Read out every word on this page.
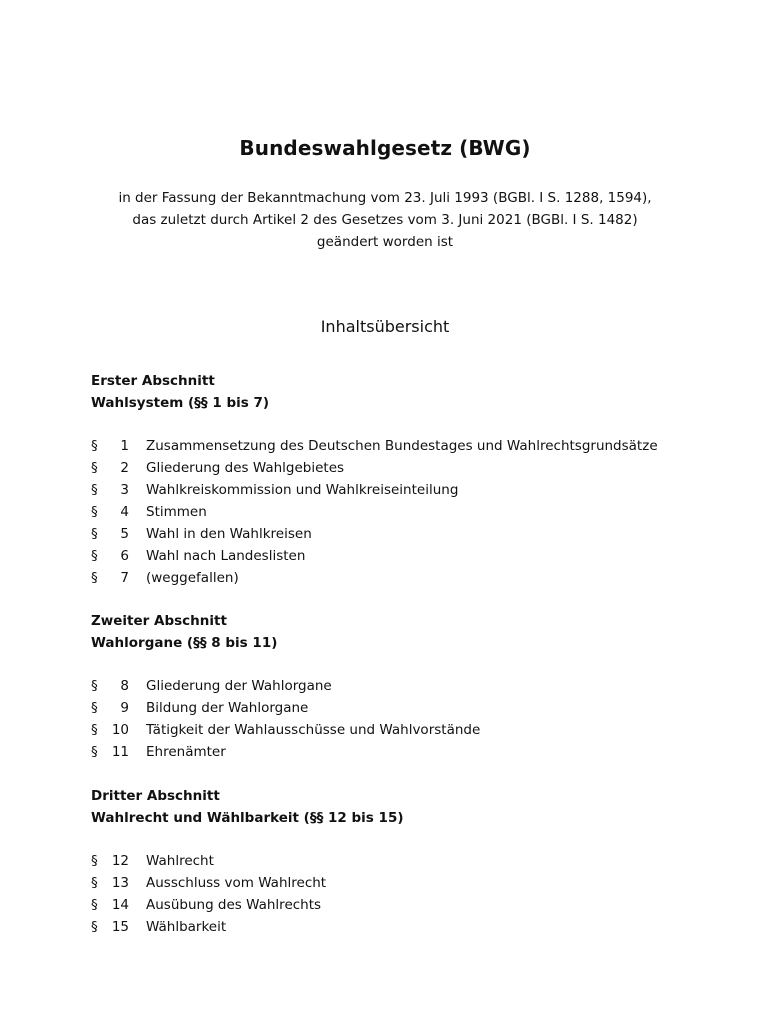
Bundeswahlgesetz (BWG)
in der Fassung der Bekanntmachung vom 23. Juli 1993 (BGBl. I S. 1288, 1594),
das zuletzt durch Artikel 2 des Gesetzes vom 3. Juni 2021 (BGBl. I S. 1482)
geändert worden ist
Inhaltsübersicht
Erster Abschnitt
Wahlsystem (§§ 1 bis 7)
§	1 Zusammensetzung des Deutschen Bundestages und Wahlrechtsgrundsätze
§	2 Gliederung des Wahlgebietes
§	3 Wahlkreiskommission und Wahlkreiseinteilung
§	4 Stimmen
§	5 Wahl in den Wahlkreisen
§	6 Wahl nach Landeslisten
§	7 (weggefallen)
Zweiter Abschnitt
Wahlorgane (§§ 8 bis 11)
§	8 Gliederung der Wahlorgane
§	9 Bildung der Wahlorgane
§	10 Tätigkeit der Wahlausschüsse und Wahlvorstände
§	11 Ehrenämter
Dritter Abschnitt
Wahlrecht und Wählbarkeit (§§ 12 bis 15)
§	12 Wahlrecht
§	13 Ausschluss vom Wahlrecht
§	14 Ausübung des Wahlrechts
§	15 Wählbarkeit
